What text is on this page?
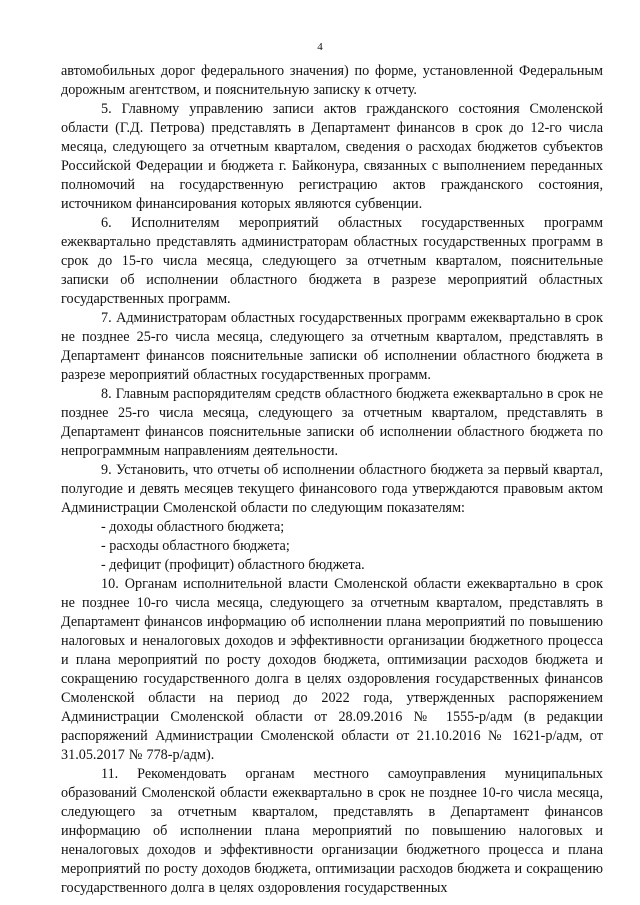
4

автомобильных дорог федерального значения) по форме, установленной Федеральным дорожным агентством, и пояснительную записку к отчету.

5. Главному управлению записи актов гражданского состояния Смоленской области (Г.Д. Петрова) представлять в Департамент финансов в срок до 12-го числа месяца, следующего за отчетным кварталом, сведения о расходах бюджетов субъектов Российской Федерации и бюджета г. Байконура, связанных с выполнением переданных полномочий на государственную регистрацию актов гражданского состояния, источником финансирования которых являются субвенции.

6. Исполнителям мероприятий областных государственных программ ежеквартально представлять администраторам областных государственных программ в срок до 15-го числа месяца, следующего за отчетным кварталом, пояснительные записки об исполнении областного бюджета в разрезе мероприятий областных государственных программ.

7. Администраторам областных государственных программ ежеквартально в срок не позднее 25-го числа месяца, следующего за отчетным кварталом, представлять в Департамент финансов пояснительные записки об исполнении областного бюджета в разрезе мероприятий областных государственных программ.

8. Главным распорядителям средств областного бюджета ежеквартально в срок не позднее 25-го числа месяца, следующего за отчетным кварталом, представлять в Департамент финансов пояснительные записки об исполнении областного бюджета по непрограммным направлениям деятельности.

9. Установить, что отчеты об исполнении областного бюджета за первый квартал, полугодие и девять месяцев текущего финансового года утверждаются правовым актом Администрации Смоленской области по следующим показателям:

- доходы областного бюджета;

- расходы областного бюджета;

- дефицит (профицит) областного бюджета.

10. Органам исполнительной власти Смоленской области ежеквартально в срок не позднее 10-го числа месяца, следующего за отчетным кварталом, представлять в Департамент финансов информацию об исполнении плана мероприятий по повышению налоговых и неналоговых доходов и эффективности организации бюджетного процесса и плана мероприятий по росту доходов бюджета, оптимизации расходов бюджета и сокращению государственного долга в целях оздоровления государственных финансов Смоленской области на период до 2022 года, утвержденных распоряжением Администрации Смоленской области от 28.09.2016 № 1555-р/адм (в редакции распоряжений Администрации Смоленской области от 21.10.2016 № 1621-р/адм, от 31.05.2017 № 778-р/адм).

11. Рекомендовать органам местного самоуправления муниципальных образований Смоленской области ежеквартально в срок не позднее 10-го числа месяца, следующего за отчетным кварталом, представлять в Департамент финансов информацию об исполнении плана мероприятий по повышению налоговых и неналоговых доходов и эффективности организации бюджетного процесса и плана мероприятий по росту доходов бюджета, оптимизации расходов бюджета и сокращению государственного долга в целях оздоровления государственных
